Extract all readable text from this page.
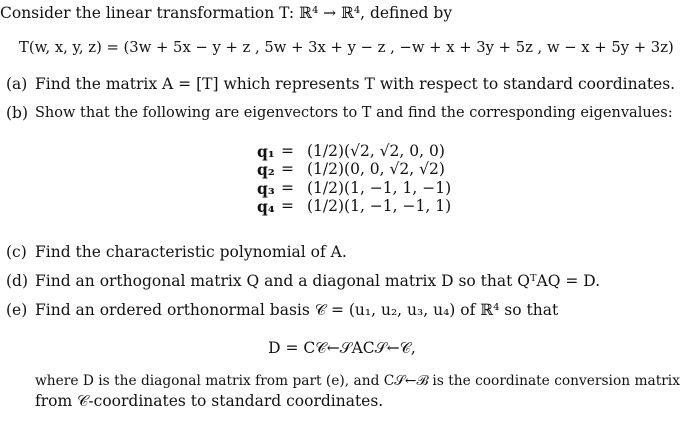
Consider the linear transformation T: ℝ⁴ → ℝ⁴, defined by
T(w, x, y, z) = (3w + 5x − y + z , 5w + 3x + y − z , −w + x + 3y + 5z , w − x + 5y + 3z)
(a) Find the matrix A = [T] which represents T with respect to standard coordinates.
(b) Show that the following are eigenvectors to T and find the corresponding eigenvalues:
q₁	=	(1/2)(√2, √2, 0, 0)
q₂	=	(1/2)(0, 0, √2, √2)
q₃	=	(1/2)(1, −1, 1, −1)
q₄	=	(1/2)(1, −1, −1, 1)
(c) Find the characteristic polynomial of A.
(d) Find an orthogonal matrix Q and a diagonal matrix D so that QᵀAQ = D.
(e) Find an ordered orthonormal basis 𝒞 = (u₁, u₂, u₃, u₄) of ℝ⁴ so that
D = C𝒞←𝒮AC𝒮←𝒞,
where D is the diagonal matrix from part (e), and C𝒮←ℬ is the coordinate conversion matrix
from 𝒞-coordinates to standard coordinates.
